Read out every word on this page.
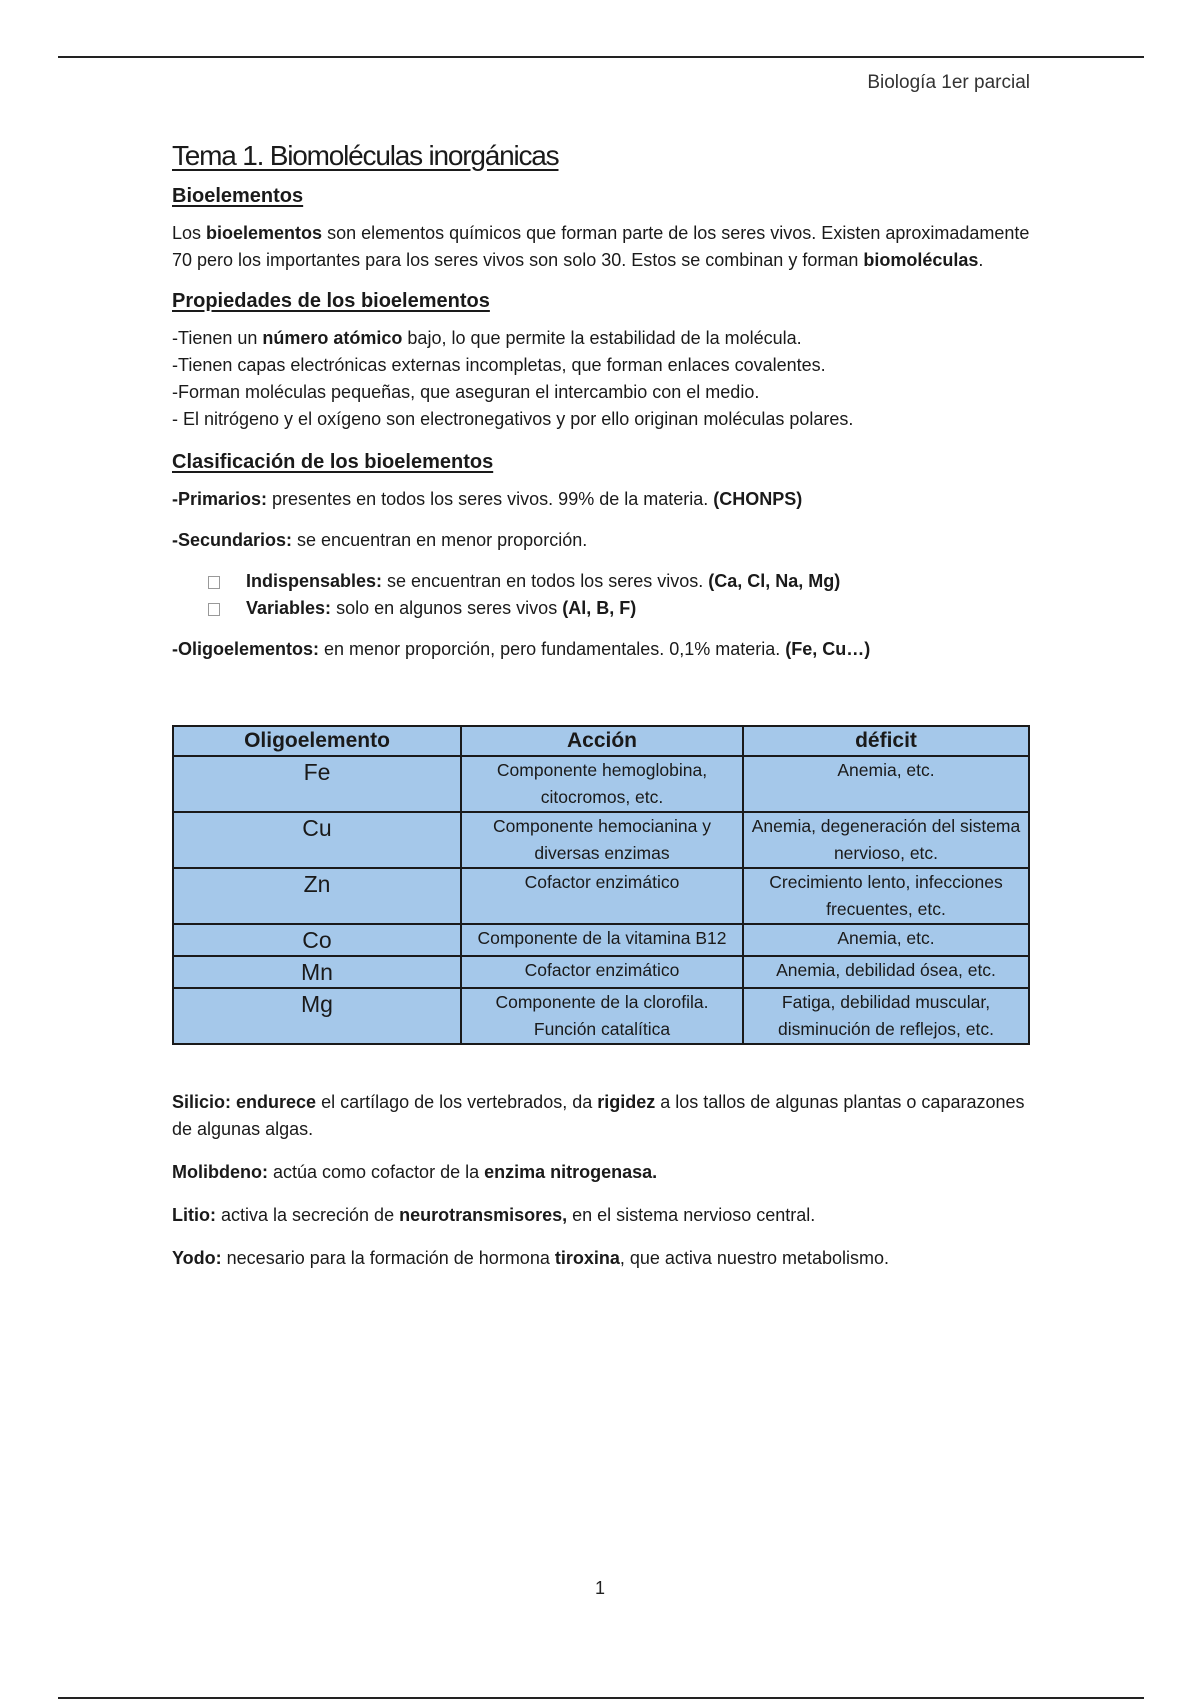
Biología 1er parcial
Tema 1. Biomoléculas inorgánicas
Bioelementos

Los bioelementos son elementos químicos que forman parte de los seres vivos. Existen aproximadamente 70 pero los importantes para los seres vivos son solo 30. Estos se combinan y forman biomoléculas.

Propiedades de los bioelementos

-Tienen un número atómico bajo, lo que permite la estabilidad de la molécula.

-Tienen capas electrónicas externas incompletas, que forman enlaces covalentes.

-Forman moléculas pequeñas, que aseguran el intercambio con el medio.

- El nitrógeno y el oxígeno son electronegativos y por ello originan moléculas polares.

Clasificación de los bioelementos

-Primarios: presentes en todos los seres vivos. 99% de la materia. (CHONPS)

-Secundarios: se encuentran en menor proporción.

Indispensables: se encuentran en todos los seres vivos. (Ca, Cl, Na, Mg)
Variables: solo en algunos seres vivos (Al, B, F)

-Oligoelementos: en menor proporción, pero fundamentales. 0,1% materia. (Fe, Cu…)

Oligoelemento	Acción	déficit
Fe	Componente hemoglobina, citocromos, etc.	Anemia, etc.
Cu	Componente hemocianina y diversas enzimas	Anemia, degeneración del sistema nervioso, etc.
Zn	Cofactor enzimático	Crecimiento lento, infecciones frecuentes, etc.
Co	Componente de la vitamina B12	Anemia, etc.
Mn	Cofactor enzimático	Anemia, debilidad ósea, etc.
Mg	Componente de la clorofila. Función catalítica	Fatiga, debilidad muscular, disminución de reflejos, etc.

Silicio: endurece el cartílago de los vertebrados, da rigidez a los tallos de algunas plantas o caparazones de algunas algas.

Molibdeno: actúa como cofactor de la enzima nitrogenasa.

Litio: activa la secreción de neurotransmisores, en el sistema nervioso central.

Yodo: necesario para la formación de hormona tiroxina, que activa nuestro metabolismo.

1
